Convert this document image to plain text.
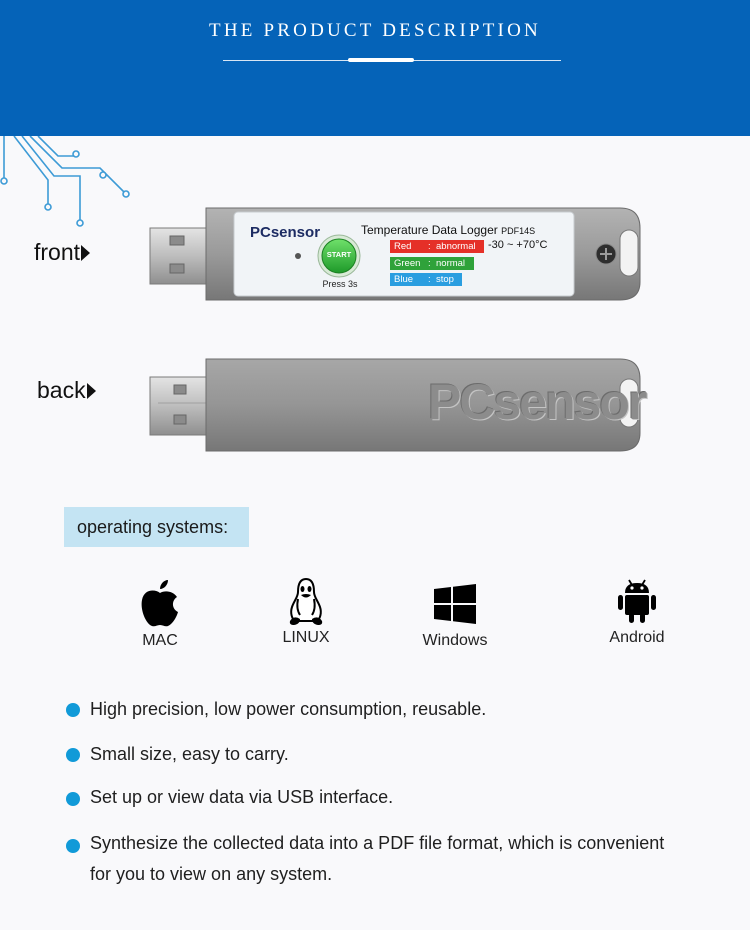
THE PRODUCT DESCRIPTION
front
PCsensor	Temperature Data Logger PDF14S
START
Press 3s
Red : abnormal -30 ~ +70°C
Green : normal
Blue : stop
back	PCsensor
operating systems:
MAC	LINUX	Windows	Android
High precision, low power consumption, reusable.
Small size, easy to carry.
Set up or view data via USB interface.
Synthesize the collected data into a PDF file format, which is convenient for you to view on any system.
